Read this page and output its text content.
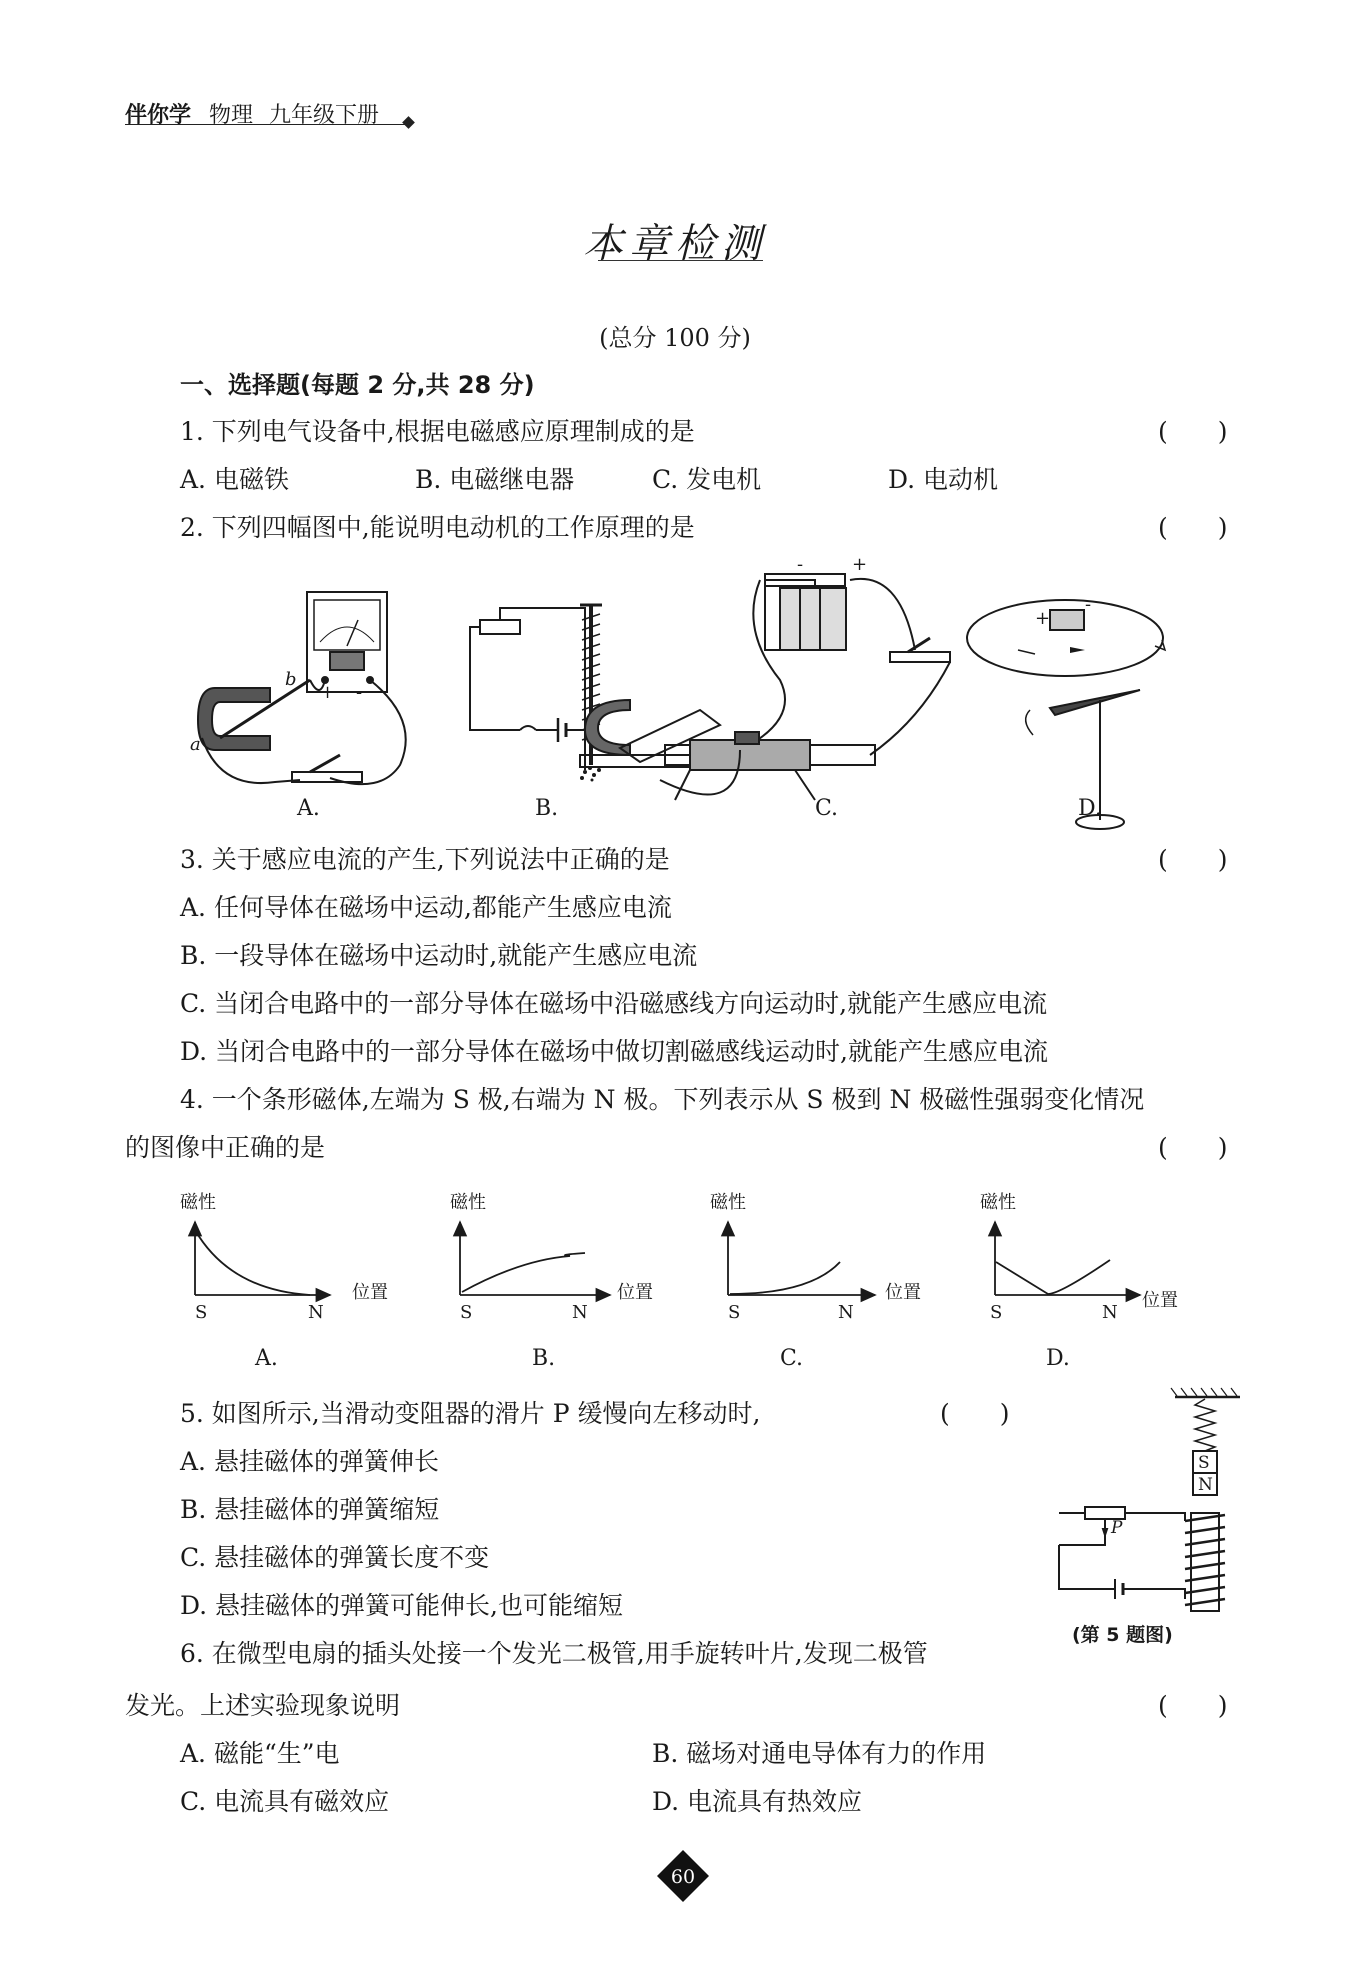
伴你学 物理 九年级下册
本章检测
(总分 100 分)
一、选择题(每题 2 分,共 28 分)
1. 下列电气设备中,根据电磁感应原理制成的是	(　　)
A. 电磁铁	B. 电磁继电器	C. 发电机	D. 电动机
2. 下列四幅图中,能说明电动机的工作原理的是	(　　)
a
b
+ -
-	+
+
-
A.	B.	C.	D.
3. 关于感应电流的产生,下列说法中正确的是	(　　)
A. 任何导体在磁场中运动,都能产生感应电流
B. 一段导体在磁场中运动时,就能产生感应电流
C. 当闭合电路中的一部分导体在磁场中沿磁感线方向运动时,就能产生感应电流
D. 当闭合电路中的一部分导体在磁场中做切割磁感线运动时,就能产生感应电流
4. 一个条形磁体,左端为 S 极,右端为 N 极。下列表示从 S 极到 N 极磁性强弱变化情况
的图像中正确的是	(　　)
磁性
位置
S	N
磁性
位置
S	N
磁性
位置
S	N
磁性
位置
S	N
A.	B.	C.	D.
5. 如图所示,当滑动变阻器的滑片 P 缓慢向左移动时,	(　　)
A. 悬挂磁体的弹簧伸长
B. 悬挂磁体的弹簧缩短
C. 悬挂磁体的弹簧长度不变
D. 悬挂磁体的弹簧可能伸长,也可能缩短
S
N
P
(第 5 题图)
6. 在微型电扇的插头处接一个发光二极管,用手旋转叶片,发现二极管
发光。上述实验现象说明	(　　)
A. 磁能“生”电	B. 磁场对通电导体有力的作用
C. 电流具有磁效应	D. 电流具有热效应
60
